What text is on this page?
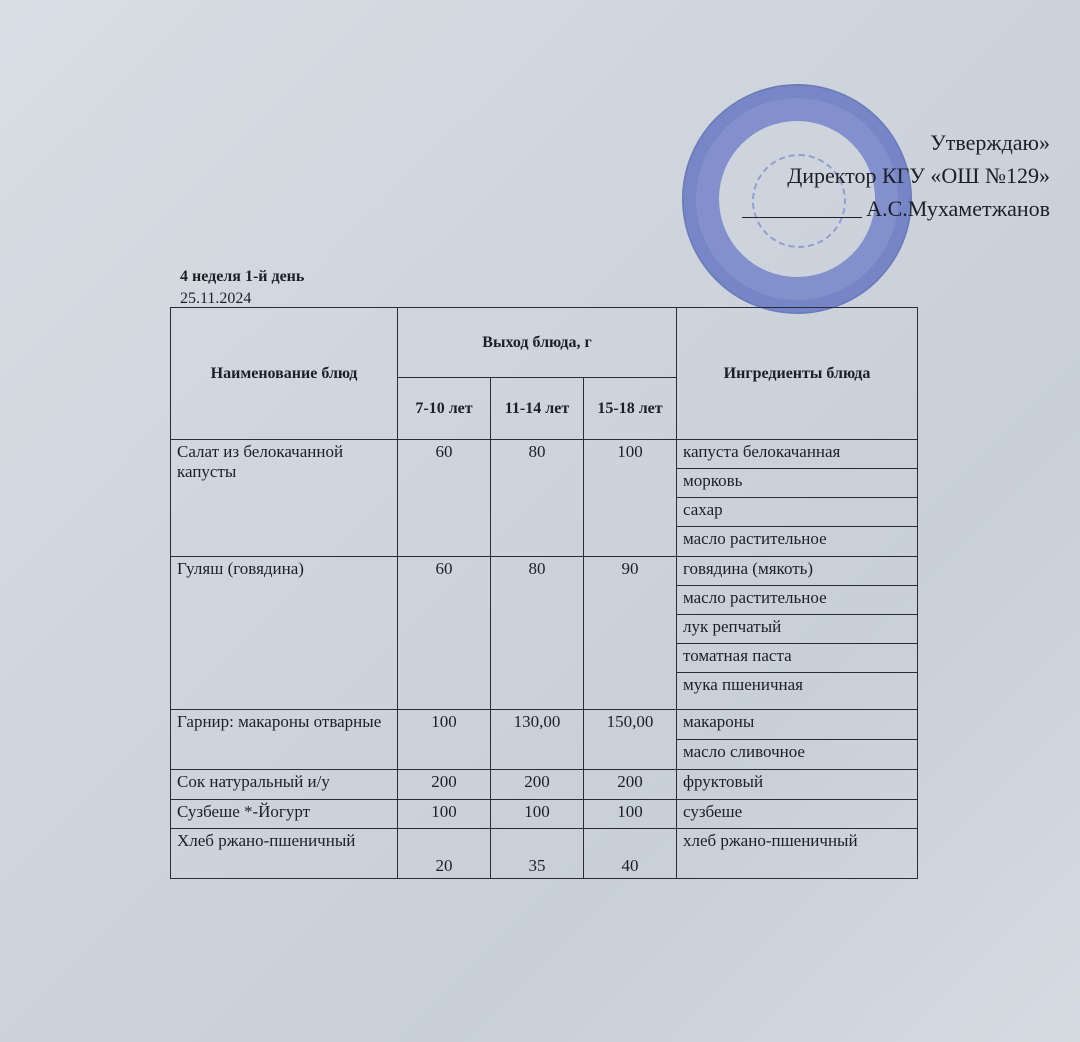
Утверждаю»
Директор КГУ «ОШ №129»
А.С.Мухаметжанов
4 неделя 1-й день
25.11.2024
Наименование блюд	Выход блюда, г			Ингредиенты блюда
	7-10 лет	11-14 лет	15-18 лет	
Салат из белокачанной капусты	60	80	100	капуста белокачанная
				морковь
				сахар
				масло растительное
Гуляш (говядина)	60	80	90	говядина (мякоть)
				масло растительное
				лук репчатый
				томатная паста
				мука пшеничная
Гарнир: макароны отварные	100	130,00	150,00	макароны
				масло сливочное
Сок натуральный и/у	200	200	200	фруктовый
Сузбеше *-Йогурт	100	100	100	сузбеше
Хлеб ржано-пшеничный	20	35	40	хлеб ржано-пшеничный
